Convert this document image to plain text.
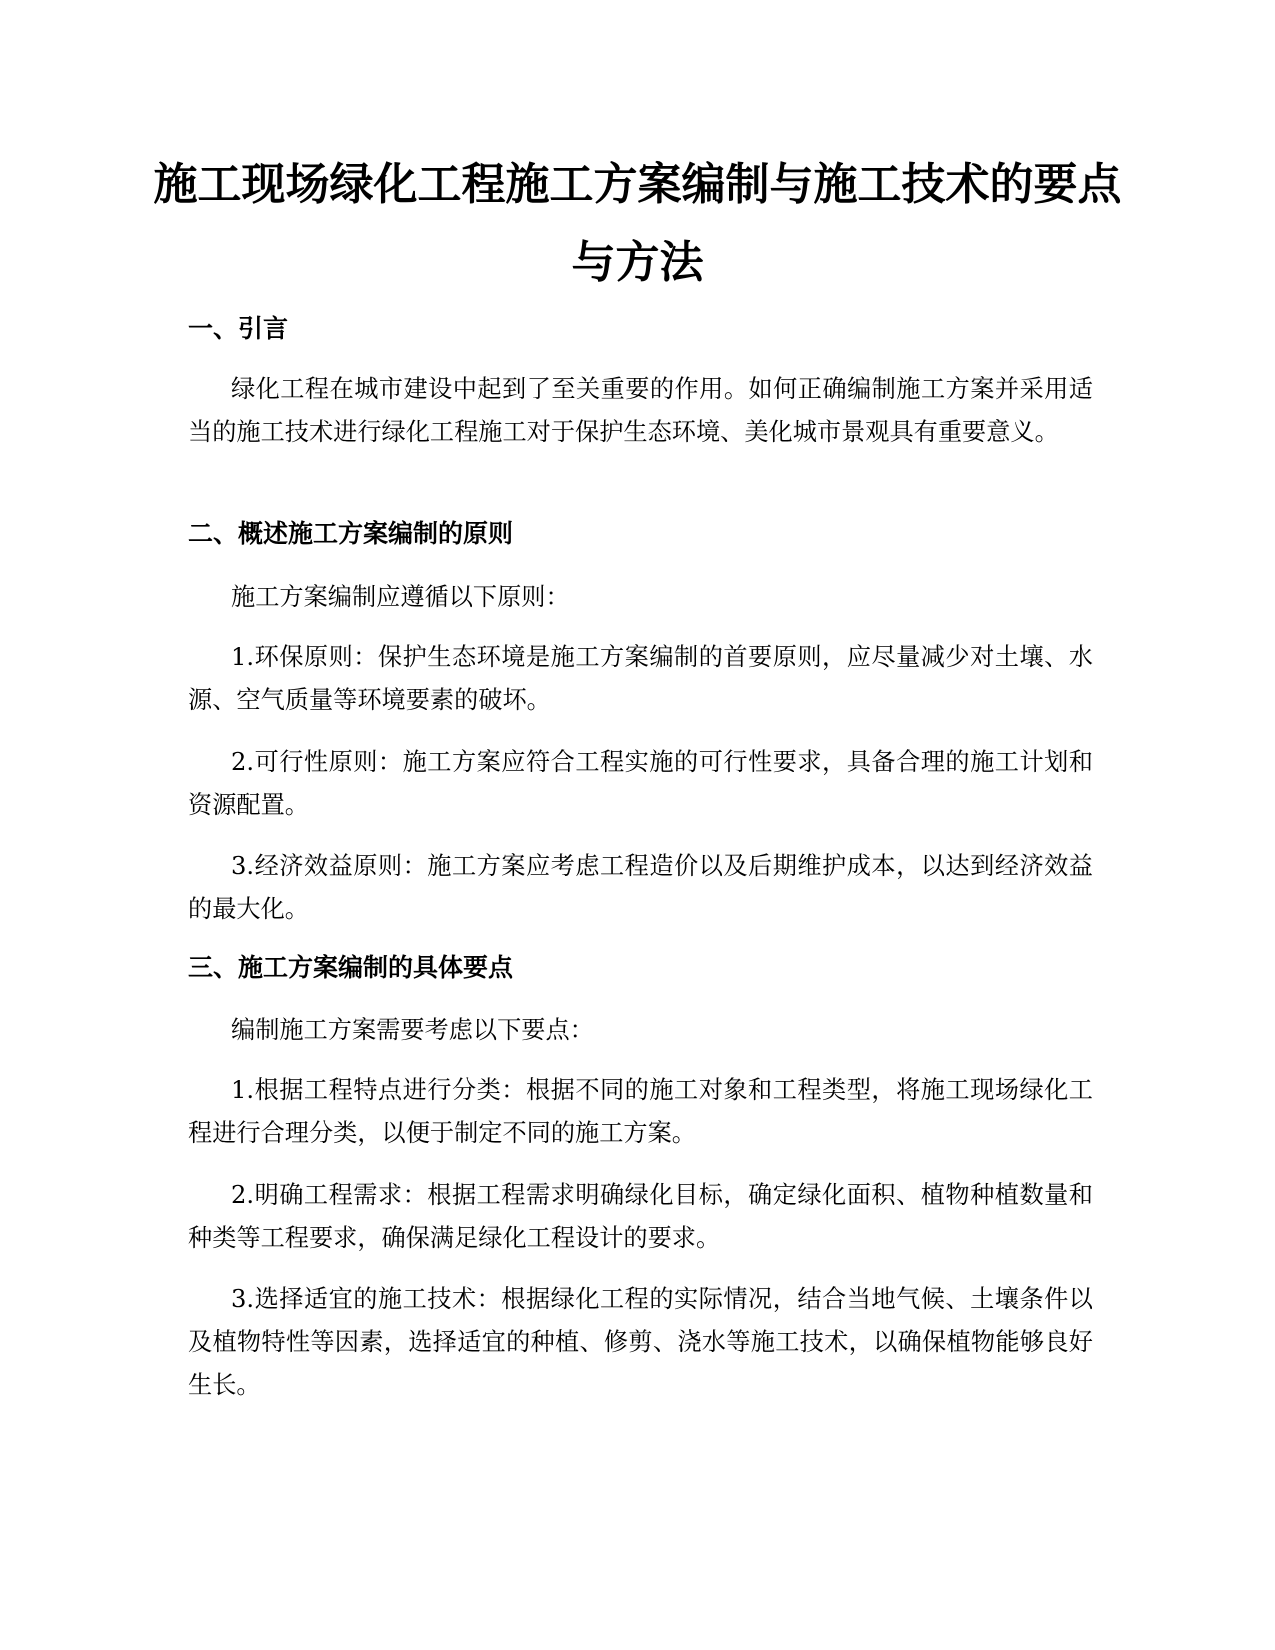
施工现场绿化工程施工方案编制与施工技术的要点与方法
一、引言

绿化工程在城市建设中起到了至关重要的作用。如何正确编制施工方案并采用适当的施工技术进行绿化工程施工对于保护生态环境、美化城市景观具有重要意义。

二、概述施工方案编制的原则

施工方案编制应遵循以下原则：

1.环保原则：保护生态环境是施工方案编制的首要原则，应尽量减少对土壤、水源、空气质量等环境要素的破坏。

2.可行性原则：施工方案应符合工程实施的可行性要求，具备合理的施工计划和资源配置。

3.经济效益原则：施工方案应考虑工程造价以及后期维护成本，以达到经济效益的最大化。

三、施工方案编制的具体要点

编制施工方案需要考虑以下要点：

1.根据工程特点进行分类：根据不同的施工对象和工程类型，将施工现场绿化工程进行合理分类，以便于制定不同的施工方案。

2.明确工程需求：根据工程需求明确绿化目标，确定绿化面积、植物种植数量和种类等工程要求，确保满足绿化工程设计的要求。

3.选择适宜的施工技术：根据绿化工程的实际情况，结合当地气候、土壤条件以及植物特性等因素，选择适宜的种植、修剪、浇水等施工技术，以确保植物能够良好生长。
